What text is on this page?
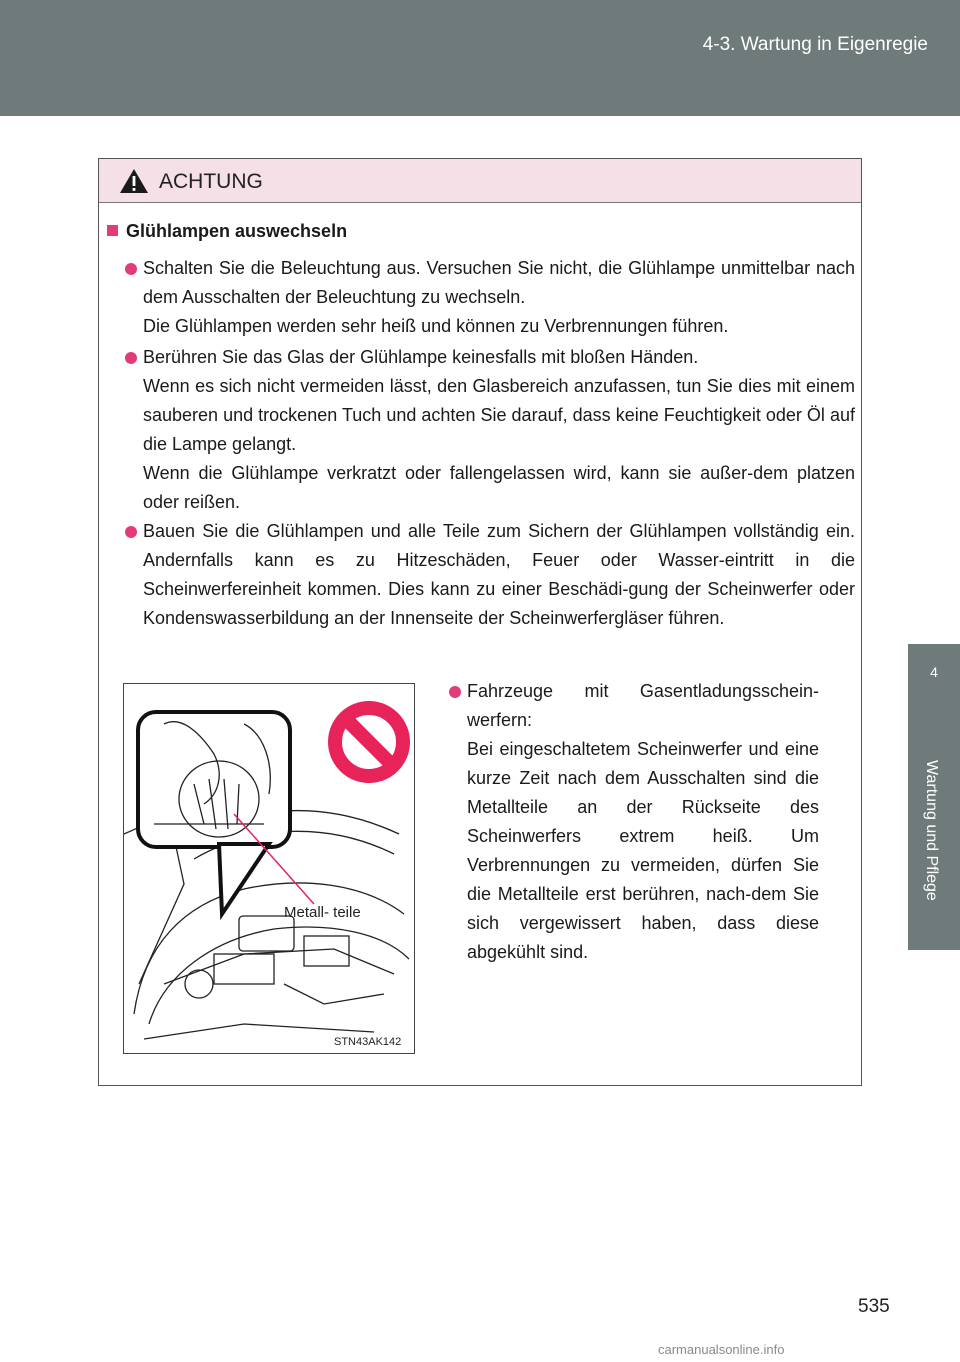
4-3. Wartung in Eigenregie
4
Wartung und Pflege
ACHTUNG
Glühlampen auswechseln

Schalten Sie die Beleuchtung aus. Versuchen Sie nicht, die Glühlampe unmittelbar nach dem Ausschalten der Beleuchtung zu wechseln.

Die Glühlampen werden sehr heiß und können zu Verbrennungen führen.

Berühren Sie das Glas der Glühlampe keinesfalls mit bloßen Händen.

Wenn es sich nicht vermeiden lässt, den Glasbereich anzufassen, tun Sie dies mit einem sauberen und trockenen Tuch und achten Sie darauf, dass keine Feuchtigkeit oder Öl auf die Lampe gelangt.

Wenn die Glühlampe verkratzt oder fallengelassen wird, kann sie außer-dem platzen oder reißen.

Bauen Sie die Glühlampen und alle Teile zum Sichern der Glühlampen vollständig ein. Andernfalls kann es zu Hitzeschäden, Feuer oder Wasser-eintritt in die Scheinwerfereinheit kommen. Dies kann zu einer Beschädi-gung der Scheinwerfer oder Kondenswasserbildung an der Innenseite der Scheinwerfergläser führen.

Metall- teile
STN43AK142

Fahrzeuge mit Gasentladungsschein-werfern:

Bei eingeschaltetem Scheinwerfer und eine kurze Zeit nach dem Ausschalten sind die Metallteile an der Rückseite des Scheinwerfers extrem heiß. Um Verbrennungen zu vermeiden, dürfen Sie die Metallteile erst berühren, nach-dem Sie sich vergewissert haben, dass diese abgekühlt sind.

535
carmanualsonline.info
